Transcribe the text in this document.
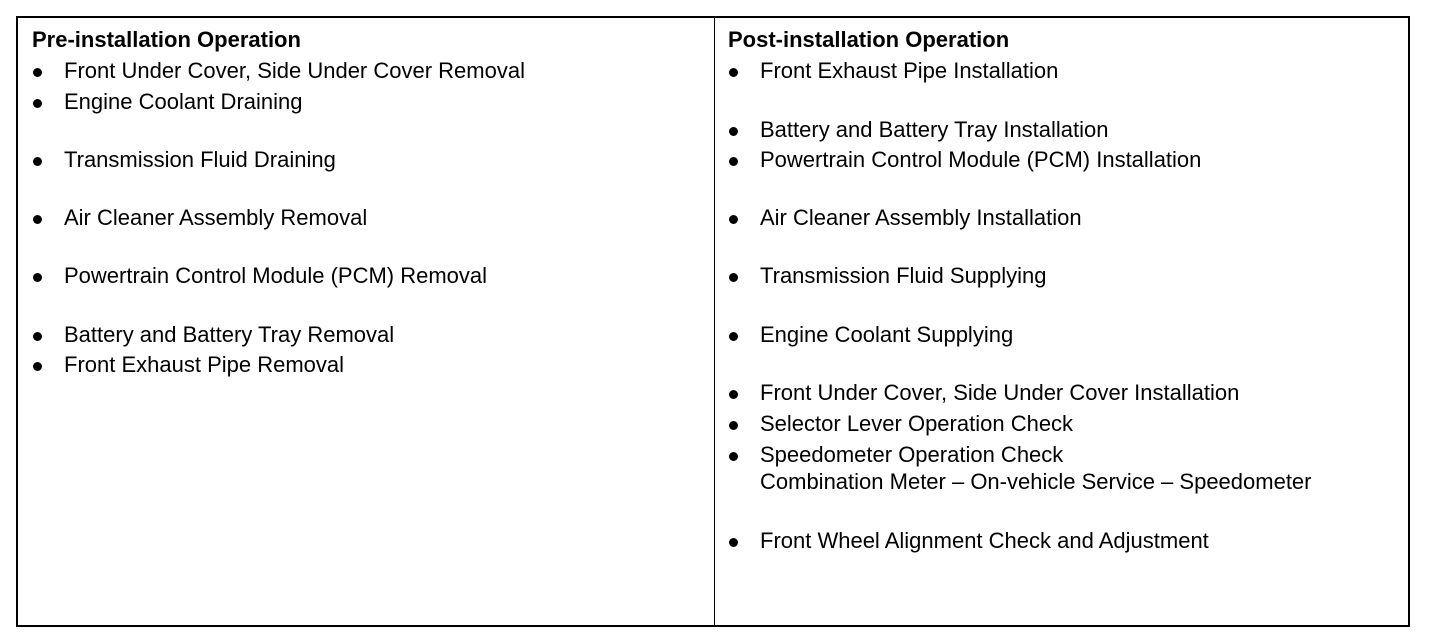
Pre-installation Operation
Front Under Cover, Side Under Cover Removal
Engine Coolant Draining
Transmission Fluid Draining
Air Cleaner Assembly Removal
Powertrain Control Module (PCM) Removal
Battery and Battery Tray Removal
Front Exhaust Pipe Removal
Post-installation Operation
Front Exhaust Pipe Installation
Battery and Battery Tray Installation
Powertrain Control Module (PCM) Installation
Air Cleaner Assembly Installation
Transmission Fluid Supplying
Engine Coolant Supplying
Front Under Cover, Side Under Cover Installation
Selector Lever Operation Check
Speedometer Operation Check
Combination Meter – On-vehicle Service – Speedometer
Front Wheel Alignment Check and Adjustment
